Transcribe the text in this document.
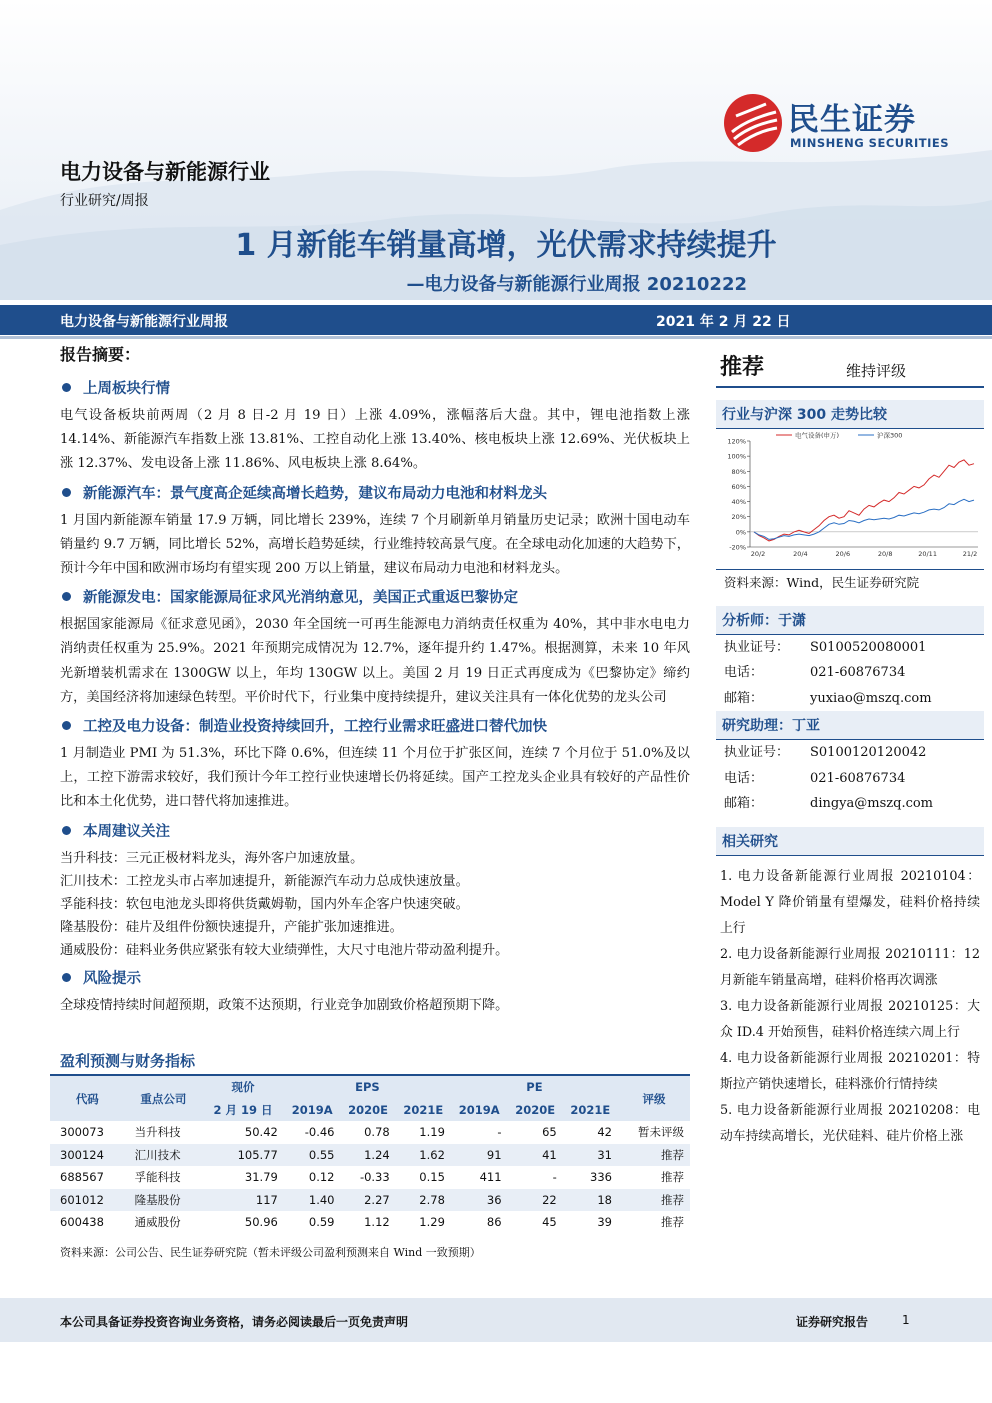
民生证券
MINSHENG SECURITIES
电力设备与新能源行业
行业研究/周报
1 月新能车销量高增，光伏需求持续提升
—电力设备与新能源行业周报 20210222
电力设备与新能源行业周报	2021 年 2 月 22 日
报告摘要：
上周板块行情

电气设备板块前两周（2 月 8 日-2 月 19 日）上涨 4.09%，涨幅落后大盘。其中，锂电池指数上涨 14.14%、新能源汽车指数上涨 13.81%、工控自动化上涨 13.40%、核电板块上涨 12.69%、光伏板块上涨 12.37%、发电设备上涨 11.86%、风电板块上涨 8.64%。

新能源汽车：景气度高企延续高增长趋势，建议布局动力电池和材料龙头

1 月国内新能源车销量 17.9 万辆，同比增长 239%，连续 7 个月刷新单月销量历史记录；欧洲十国电动车销量约 9.7 万辆，同比增长 52%，高增长趋势延续，行业维持较高景气度。在全球电动化加速的大趋势下，预计今年中国和欧洲市场均有望实现 200 万以上销量，建议布局动力电池和材料龙头。

新能源发电：国家能源局征求风光消纳意见，美国正式重返巴黎协定

根据国家能源局《征求意见函》，2030 年全国统一可再生能源电力消纳责任权重为 40%，其中非水电电力消纳责任权重为 25.9%。2021 年预期完成情况为 12.7%，逐年提升约 1.47%。根据测算，未来 10 年风光新增装机需求在 1300GW 以上，年均 130GW 以上。美国 2 月 19 日正式再度成为《巴黎协定》缔约方，美国经济将加速绿色转型。平价时代下，行业集中度持续提升，建议关注具有一体化优势的龙头公司

工控及电力设备：制造业投资持续回升，工控行业需求旺盛进口替代加快

1 月制造业 PMI 为 51.3%，环比下降 0.6%，但连续 11 个月位于扩张区间，连续 7 个月位于 51.0%及以上，工控下游需求较好，我们预计今年工控行业快速增长仍将延续。国产工控龙头企业具有较好的产品性价比和本土化优势，进口替代将加速推进。

本周建议关注
当升科技：三元正极材料龙头，海外客户加速放量。
汇川技术：工控龙头市占率加速提升，新能源汽车动力总成快速放量。
孚能科技：软包电池龙头即将供货戴姆勒，国内外车企客户快速突破。
隆基股份：硅片及组件份额快速提升，产能扩张加速推进。
通威股份：硅料业务供应紧张有较大业绩弹性，大尺寸电池片带动盈利提升。
风险提示

全球疫情持续时间超预期，政策不达预期，行业竞争加剧致价格超预期下降。

盈利预测与财务指标
代码	重点公司	现价	EPS			PE			评级
		2 月 19 日	2019A	2020E	2021E	2019A	2020E	2021E	
300073	当升科技	50.42	-0.46	0.78	1.19	-	65	42	暂未评级
300124	汇川技术	105.77	0.55	1.24	1.62	91	41	31	推荐
688567	孚能科技	31.79	0.12	-0.33	0.15	411	-	336	推荐
601012	隆基股份	117	1.40	2.27	2.78	36	22	18	推荐
600438	通威股份	50.96	0.59	1.12	1.29	86	45	39	推荐
资料来源：公司公告、民生证券研究院（暂未评级公司盈利预测来自 Wind 一致预期）
推荐	维持评级
行业与沪深 300 走势比较
120%
100%
80%
60%
40%
20%
0%
-20%
20/2	20/4	20/6	20/8	20/11	21/2
电气设备(申万)	沪深300
资料来源：Wind，民生证券研究院
分析师：于潇
执业证号：	S0100520080001
电话：	021-60876734
邮箱：	yuxiao@mszq.com
研究助理：丁亚
执业证号：	S0100120120042
电话：	021-60876734
邮箱：	dingya@mszq.com
相关研究
1. 电力设备新能源行业周报 20210104：Model Y 降价销量有望爆发，硅料价格持续上行
2. 电力设备新能源行业周报 20210111：12 月新能车销量高增，硅料价格再次调涨
3. 电力设备新能源行业周报 20210125：大众 ID.4 开始预售，硅料价格连续六周上行
4. 电力设备新能源行业周报 20210201：特斯拉产销快速增长，硅料涨价行情持续
5. 电力设备新能源行业周报 20210208：电动车持续高增长，光伏硅料、硅片价格上涨
本公司具备证券投资咨询业务资格，请务必阅读最后一页免责声明	证券研究报告	1
